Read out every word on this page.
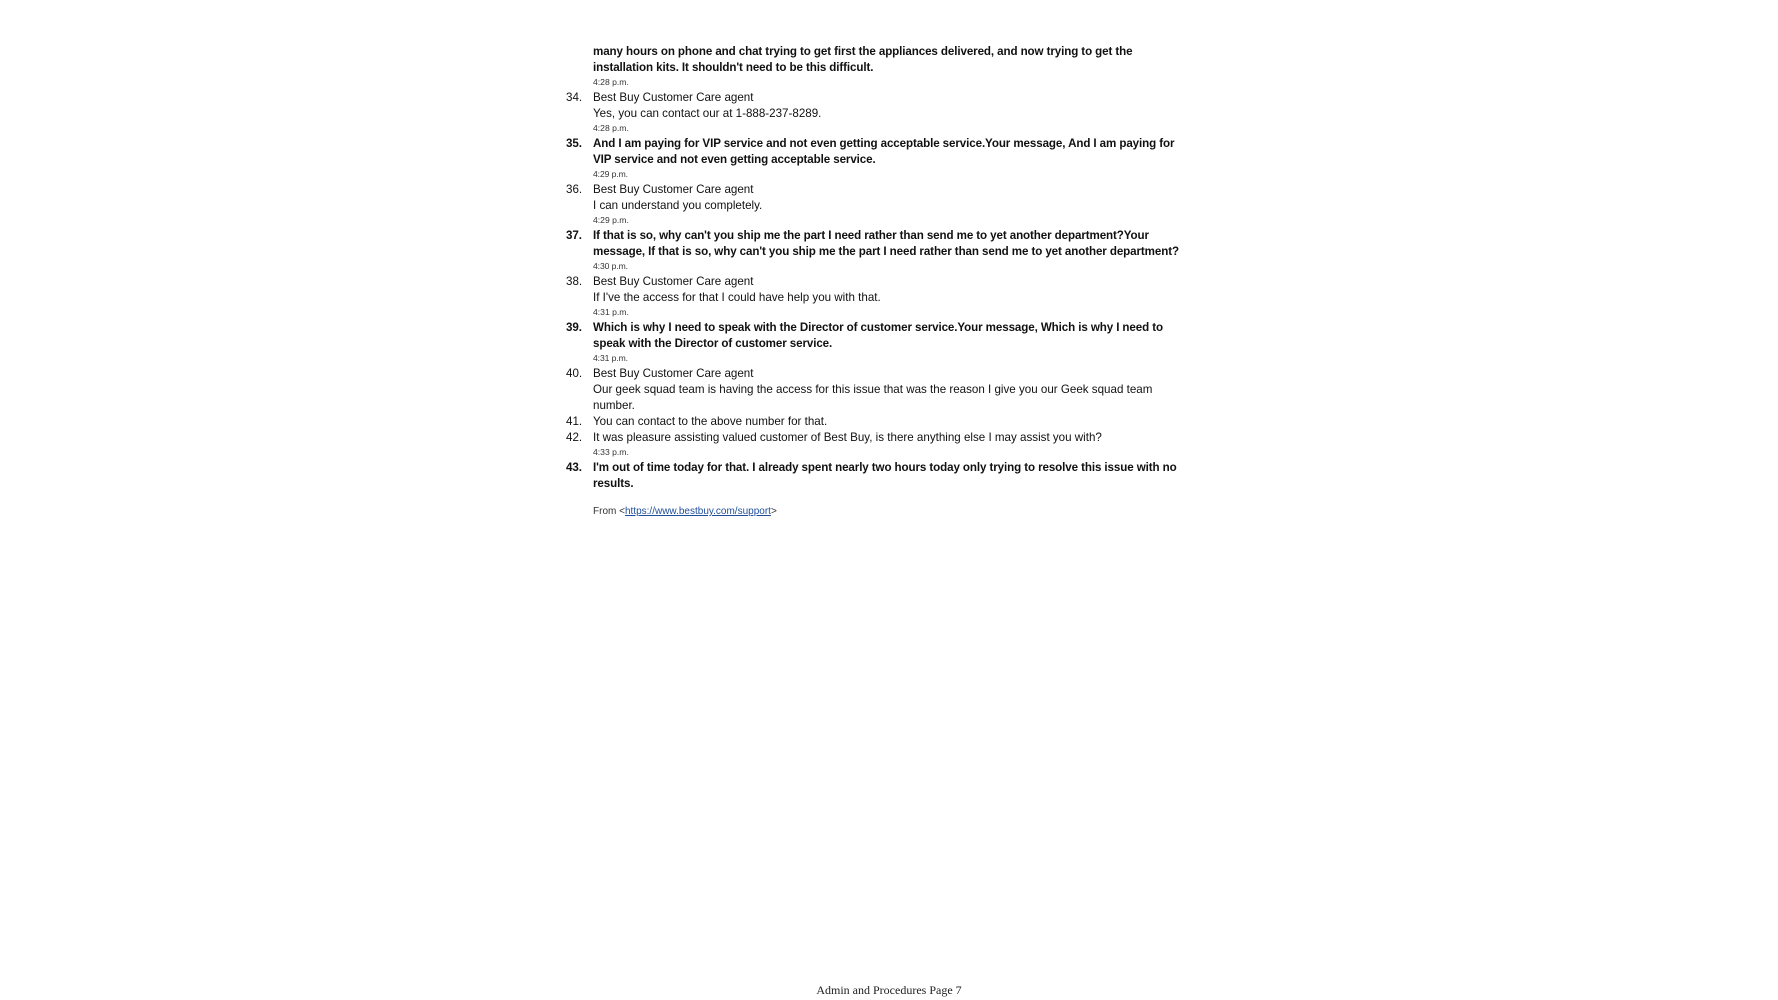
many hours on phone and chat trying to get first the appliances delivered, and now trying to get the
installation kits. It shouldn't need to be this difficult.
4:28 p.m.
34. Best Buy Customer Care agent
Yes, you can contact our at 1-888-237-8289.
4:28 p.m.
35. And I am paying for VIP service and not even getting acceptable service.Your message, And I am paying for
VIP service and not even getting acceptable service.
4:29 p.m.
36. Best Buy Customer Care agent
I can understand you completely.
4:29 p.m.
37. If that is so, why can't you ship me the part I need rather than send me to yet another department?Your
message, If that is so, why can't you ship me the part I need rather than send me to yet another department?
4:30 p.m.
38. Best Buy Customer Care agent
If I've the access for that I could have help you with that.
4:31 p.m.
39. Which is why I need to speak with the Director of customer service.Your message, Which is why I need to
speak with the Director of customer service.
4:31 p.m.
40. Best Buy Customer Care agent
Our geek squad team is having the access for this issue that was the reason I give you our Geek squad team
number.
41. You can contact to the above number for that.
42. It was pleasure assisting valued customer of Best Buy, is there anything else I may assist you with?
4:33 p.m.
43. I'm out of time today for that. I already spent nearly two hours today only trying to resolve this issue with no
results.
From <https://www.bestbuy.com/support>
Admin and Procedures Page 7
